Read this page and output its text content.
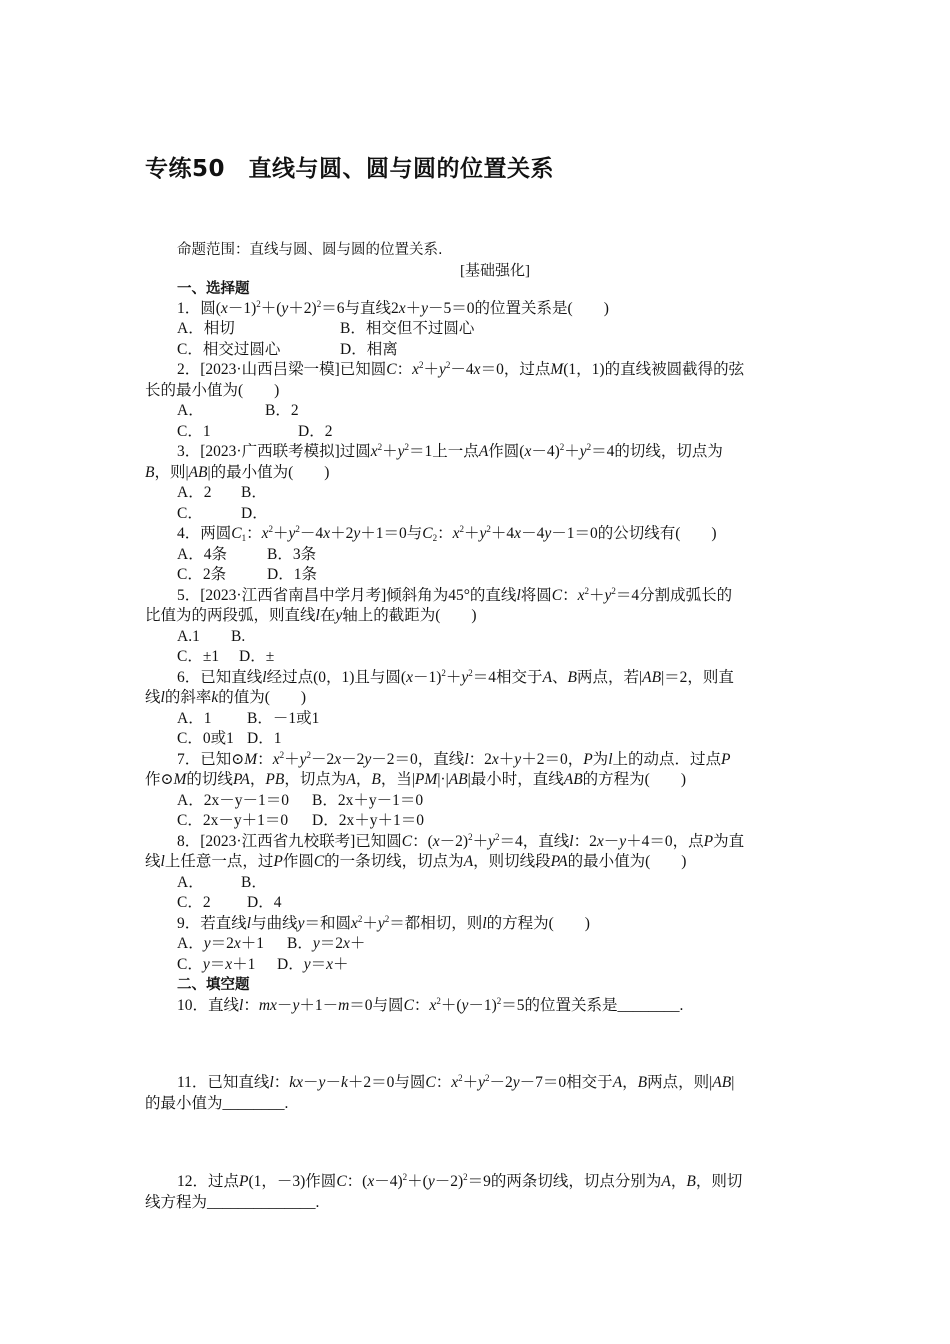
专练50　直线与圆、圆与圆的位置关系
命题范围：直线与圆、圆与圆的位置关系.
[基础强化]
一、选择题
1．圆$(x-1)^2+(y+2)^2=6$与直线2x＋y－5＝0的位置关系是(　　)
A．相切	B．相交但不过圆心
C．相交过圆心	D．相离
2．[2023·山西吕梁一模]已知圆C：$x^2+y^2-4x=0$，过点M(1，1)的直线被圆截得的弦
长的最小值为(　　)
A．	B．2
C．1	D．2
3．[2023·广西联考模拟]过圆$x^2+y^2=1$上一点A作圆$(x-4)^2+y^2=4$的切线，切点为
B，则|AB|的最小值为(　　)
A．2 B．
C． D．
4．两圆$C_1$：$x^2+y^2-4x+2y+1=0$与$C_2$：$x^2+y^2+4x-4y-1=0$的公切线有(　　)
A．4条	B．3条
C．2条	D．1条
5．[2023·江西省南昌中学月考]倾斜角为45°的直线l将圆C：$x^2+y^2=4$分割成弧长的
比值为的两段弧，则直线l在y轴上的截距为(　　)
A.1 B.
C．±1 D．±
6．已知直线l经过点(0，1)且与圆$(x-1)^2+y^2=4$相交于A、B两点，若|AB|＝2，则直
线l的斜率k的值为(　　)
A．1 B．－1或1
C．0或1 D．1
7．已知⊙M：$x^2+y^2-2x-2y-2=0$，直线l：2x＋y＋2＝0，P为l上的动点．过点P
作⊙M的切线PA，PB，切点为A，B，当|PM|·|AB|最小时，直线AB的方程为(　　)
A．2x－y－1＝0 B．2x＋y－1＝0
C．2x－y＋1＝0 D．2x＋y＋1＝0
8．[2023·江西省九校联考]已知圆C：$(x-2)^2+y^2=4$，直线l：2x－y＋4＝0，点P为直
线l上任意一点，过P作圆C的一条切线，切点为A，则切线段PA的最小值为(　　)
A． B．
C．2 D．4
9．若直线l与曲线y＝和圆$x^2+y^2=$都相切，则l的方程为(　　)
A．y＝2x＋1 B．y＝2x＋
C．y＝x＋1 D．y＝x＋
二、填空题
10．直线l：mx－y＋1－m＝0与圆C：$x^2+(y-1)^2=5$的位置关系是________.
11．已知直线l：kx－y－k＋2＝0与圆C：$x^2+y^2-2y-7=0$相交于A，B两点，则|AB|
的最小值为________.
12．过点P(1，－3)作圆C：$(x-4)^2+(y-2)^2=9$的两条切线，切点分别为A，B，则切
线方程为______________.
